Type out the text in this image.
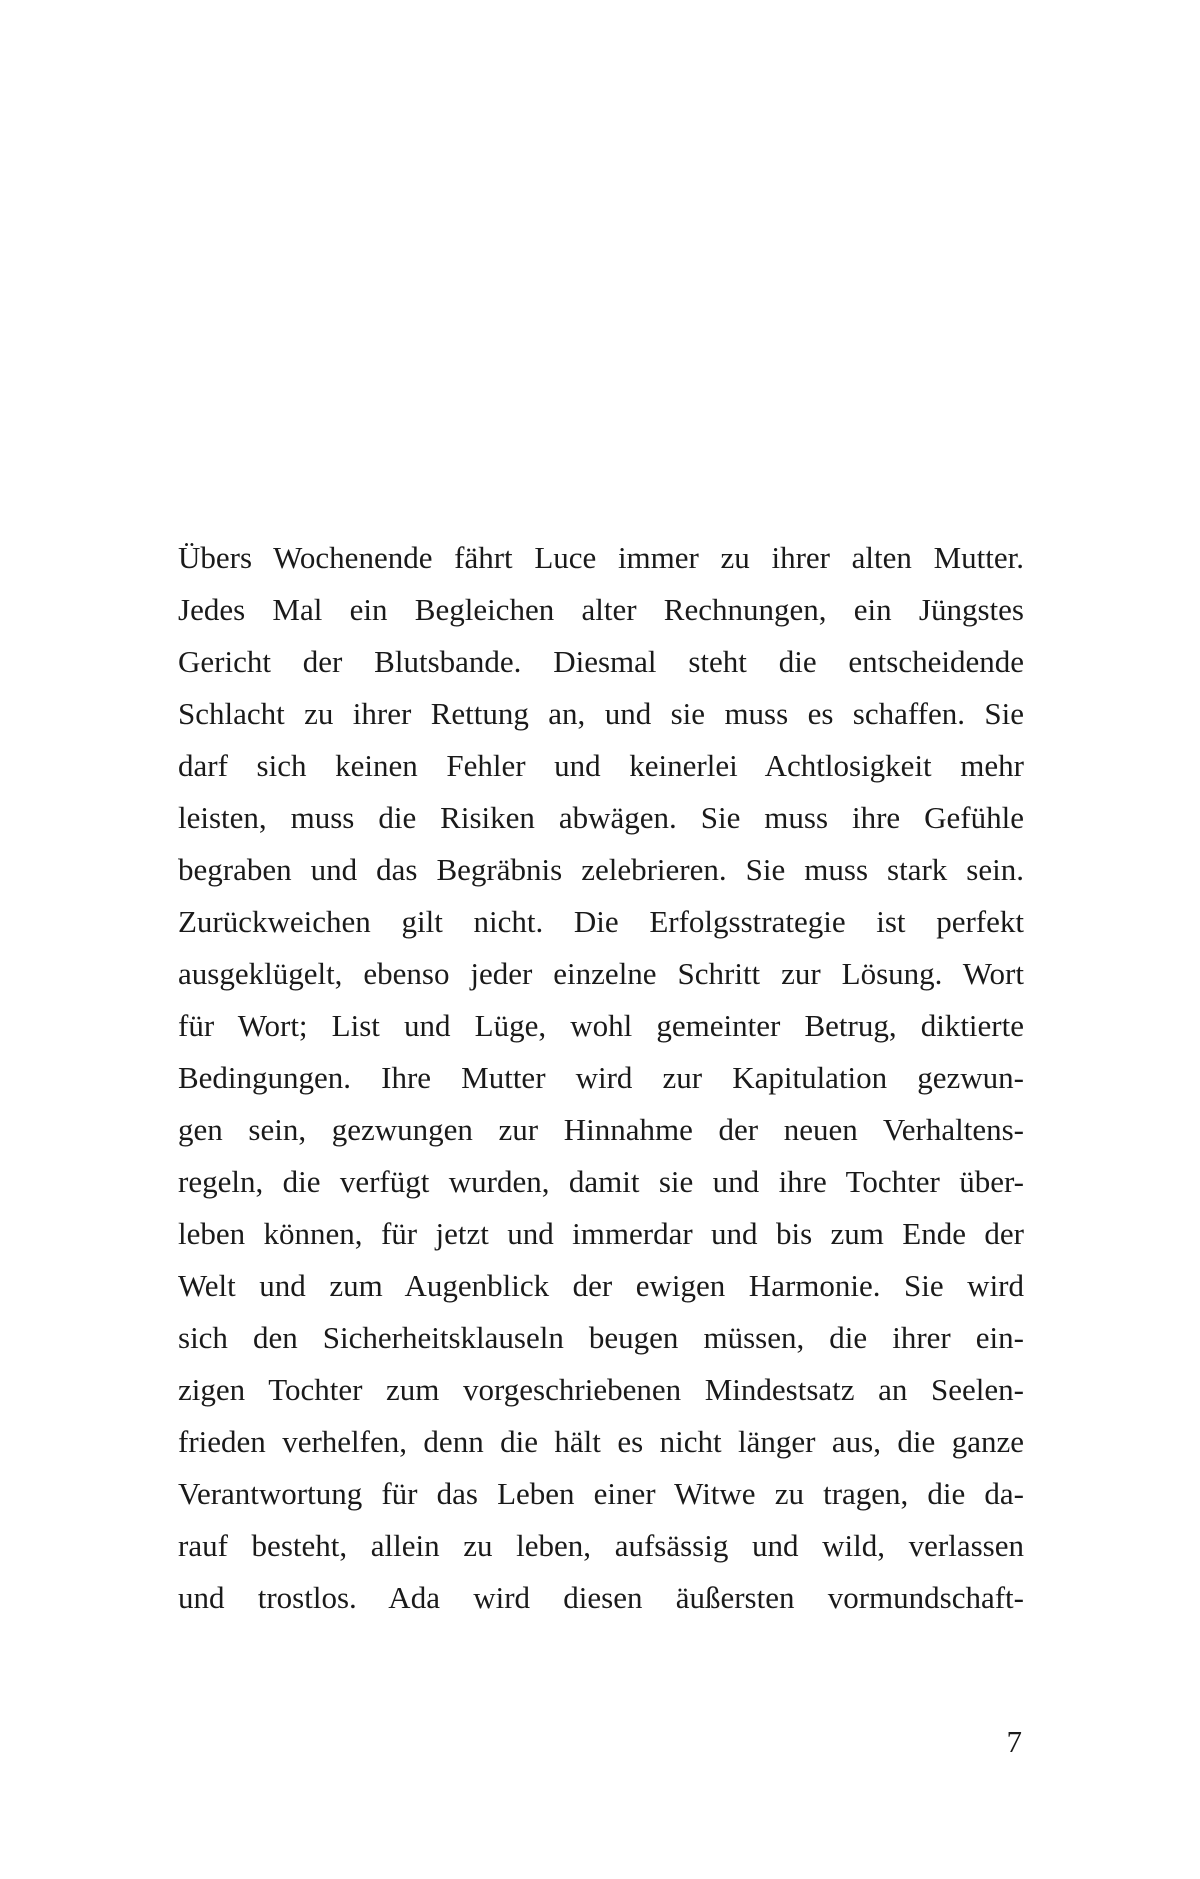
Übers Wochenende fährt Luce immer zu ihrer alten Mutter.
Jedes Mal ein Begleichen alter Rechnungen, ein Jüngstes
Gericht der Blutsbande. Diesmal steht die entscheidende
Schlacht zu ihrer Rettung an, und sie muss es schaffen. Sie
darf sich keinen Fehler und keinerlei Achtlosigkeit mehr
leisten, muss die Risiken abwägen. Sie muss ihre Gefühle
begraben und das Begräbnis zelebrieren. Sie muss stark sein.
Zurückweichen gilt nicht. Die Erfolgsstrategie ist perfekt
ausgeklügelt, ebenso jeder einzelne Schritt zur Lösung. Wort
für Wort; List und Lüge, wohl gemeinter Betrug, diktierte
Bedingungen. Ihre Mutter wird zur Kapitulation gezwun-
gen sein, gezwungen zur Hinnahme der neuen Verhaltens-
regeln, die verfügt wurden, damit sie und ihre Tochter über-
leben können, für jetzt und immerdar und bis zum Ende der
Welt und zum Augenblick der ewigen Harmonie. Sie wird
sich den Sicherheitsklauseln beugen müssen, die ihrer ein-
zigen Tochter zum vorgeschriebenen Mindestsatz an Seelen-
frieden verhelfen, denn die hält es nicht länger aus, die ganze
Verantwortung für das Leben einer Witwe zu tragen, die da-
rauf besteht, allein zu leben, aufsässig und wild, verlassen
und trostlos. Ada wird diesen äußersten vormundschaft-
7
